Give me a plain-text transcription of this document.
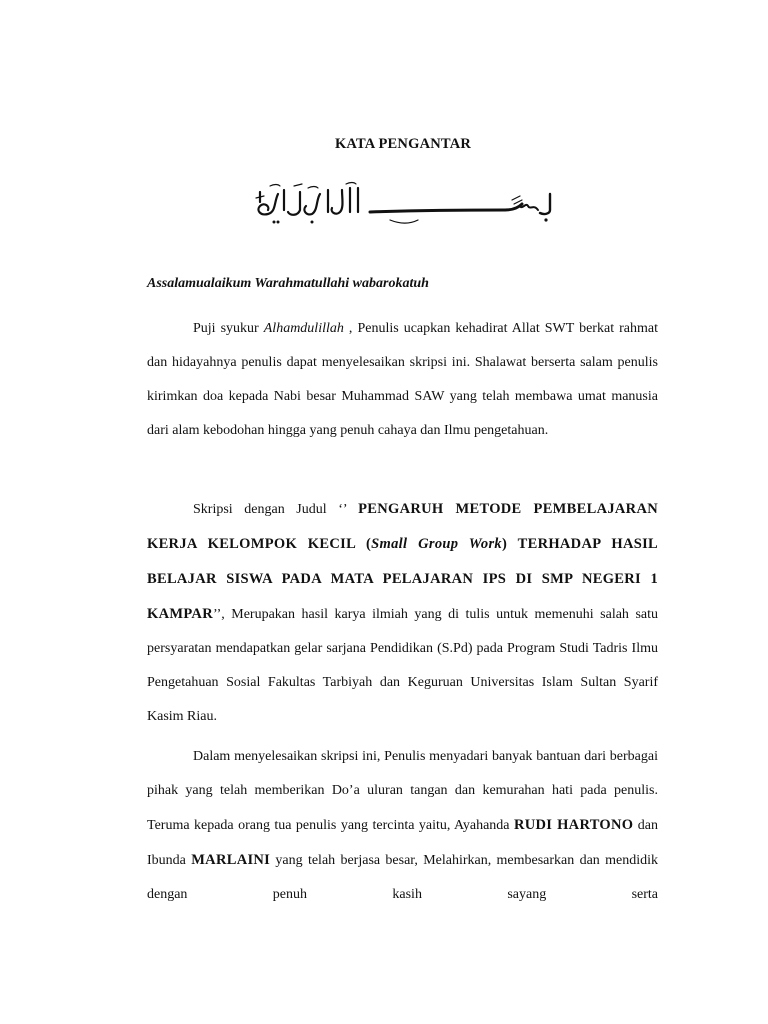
KATA PENGANTAR
Assalamualaikum Warahmatullahi wabarokatuh

Puji syukur Alhamdulillah , Penulis ucapkan kehadirat Allat SWT berkat rahmat dan hidayahnya penulis dapat menyelesaikan skripsi ini. Shalawat berserta salam penulis kirimkan doa kepada Nabi besar Muhammad SAW yang telah membawa umat manusia dari alam kebodohan hingga yang penuh cahaya dan Ilmu pengetahuan.

Skripsi dengan Judul ‘’ PENGARUH METODE PEMBELAJARAN KERJA KELOMPOK KECIL (Small Group Work) TERHADAP HASIL BELAJAR SISWA PADA MATA PELAJARAN IPS DI SMP NEGERI 1 KAMPAR’’, Merupakan hasil karya ilmiah yang di tulis untuk memenuhi salah satu persyaratan mendapatkan gelar sarjana Pendidikan (S.Pd) pada Program Studi Tadris Ilmu Pengetahuan Sosial Fakultas Tarbiyah dan Keguruan Universitas Islam Sultan Syarif Kasim Riau.

Dalam menyelesaikan skripsi ini, Penulis menyadari banyak bantuan dari berbagai pihak yang telah memberikan Do’a uluran tangan dan kemurahan hati pada penulis. Teruma kepada orang tua penulis yang tercinta yaitu, Ayahanda RUDI HARTONO dan Ibunda MARLAINI yang telah berjasa besar, Melahirkan, membesarkan dan mendidik dengan penuh kasih sayang serta
